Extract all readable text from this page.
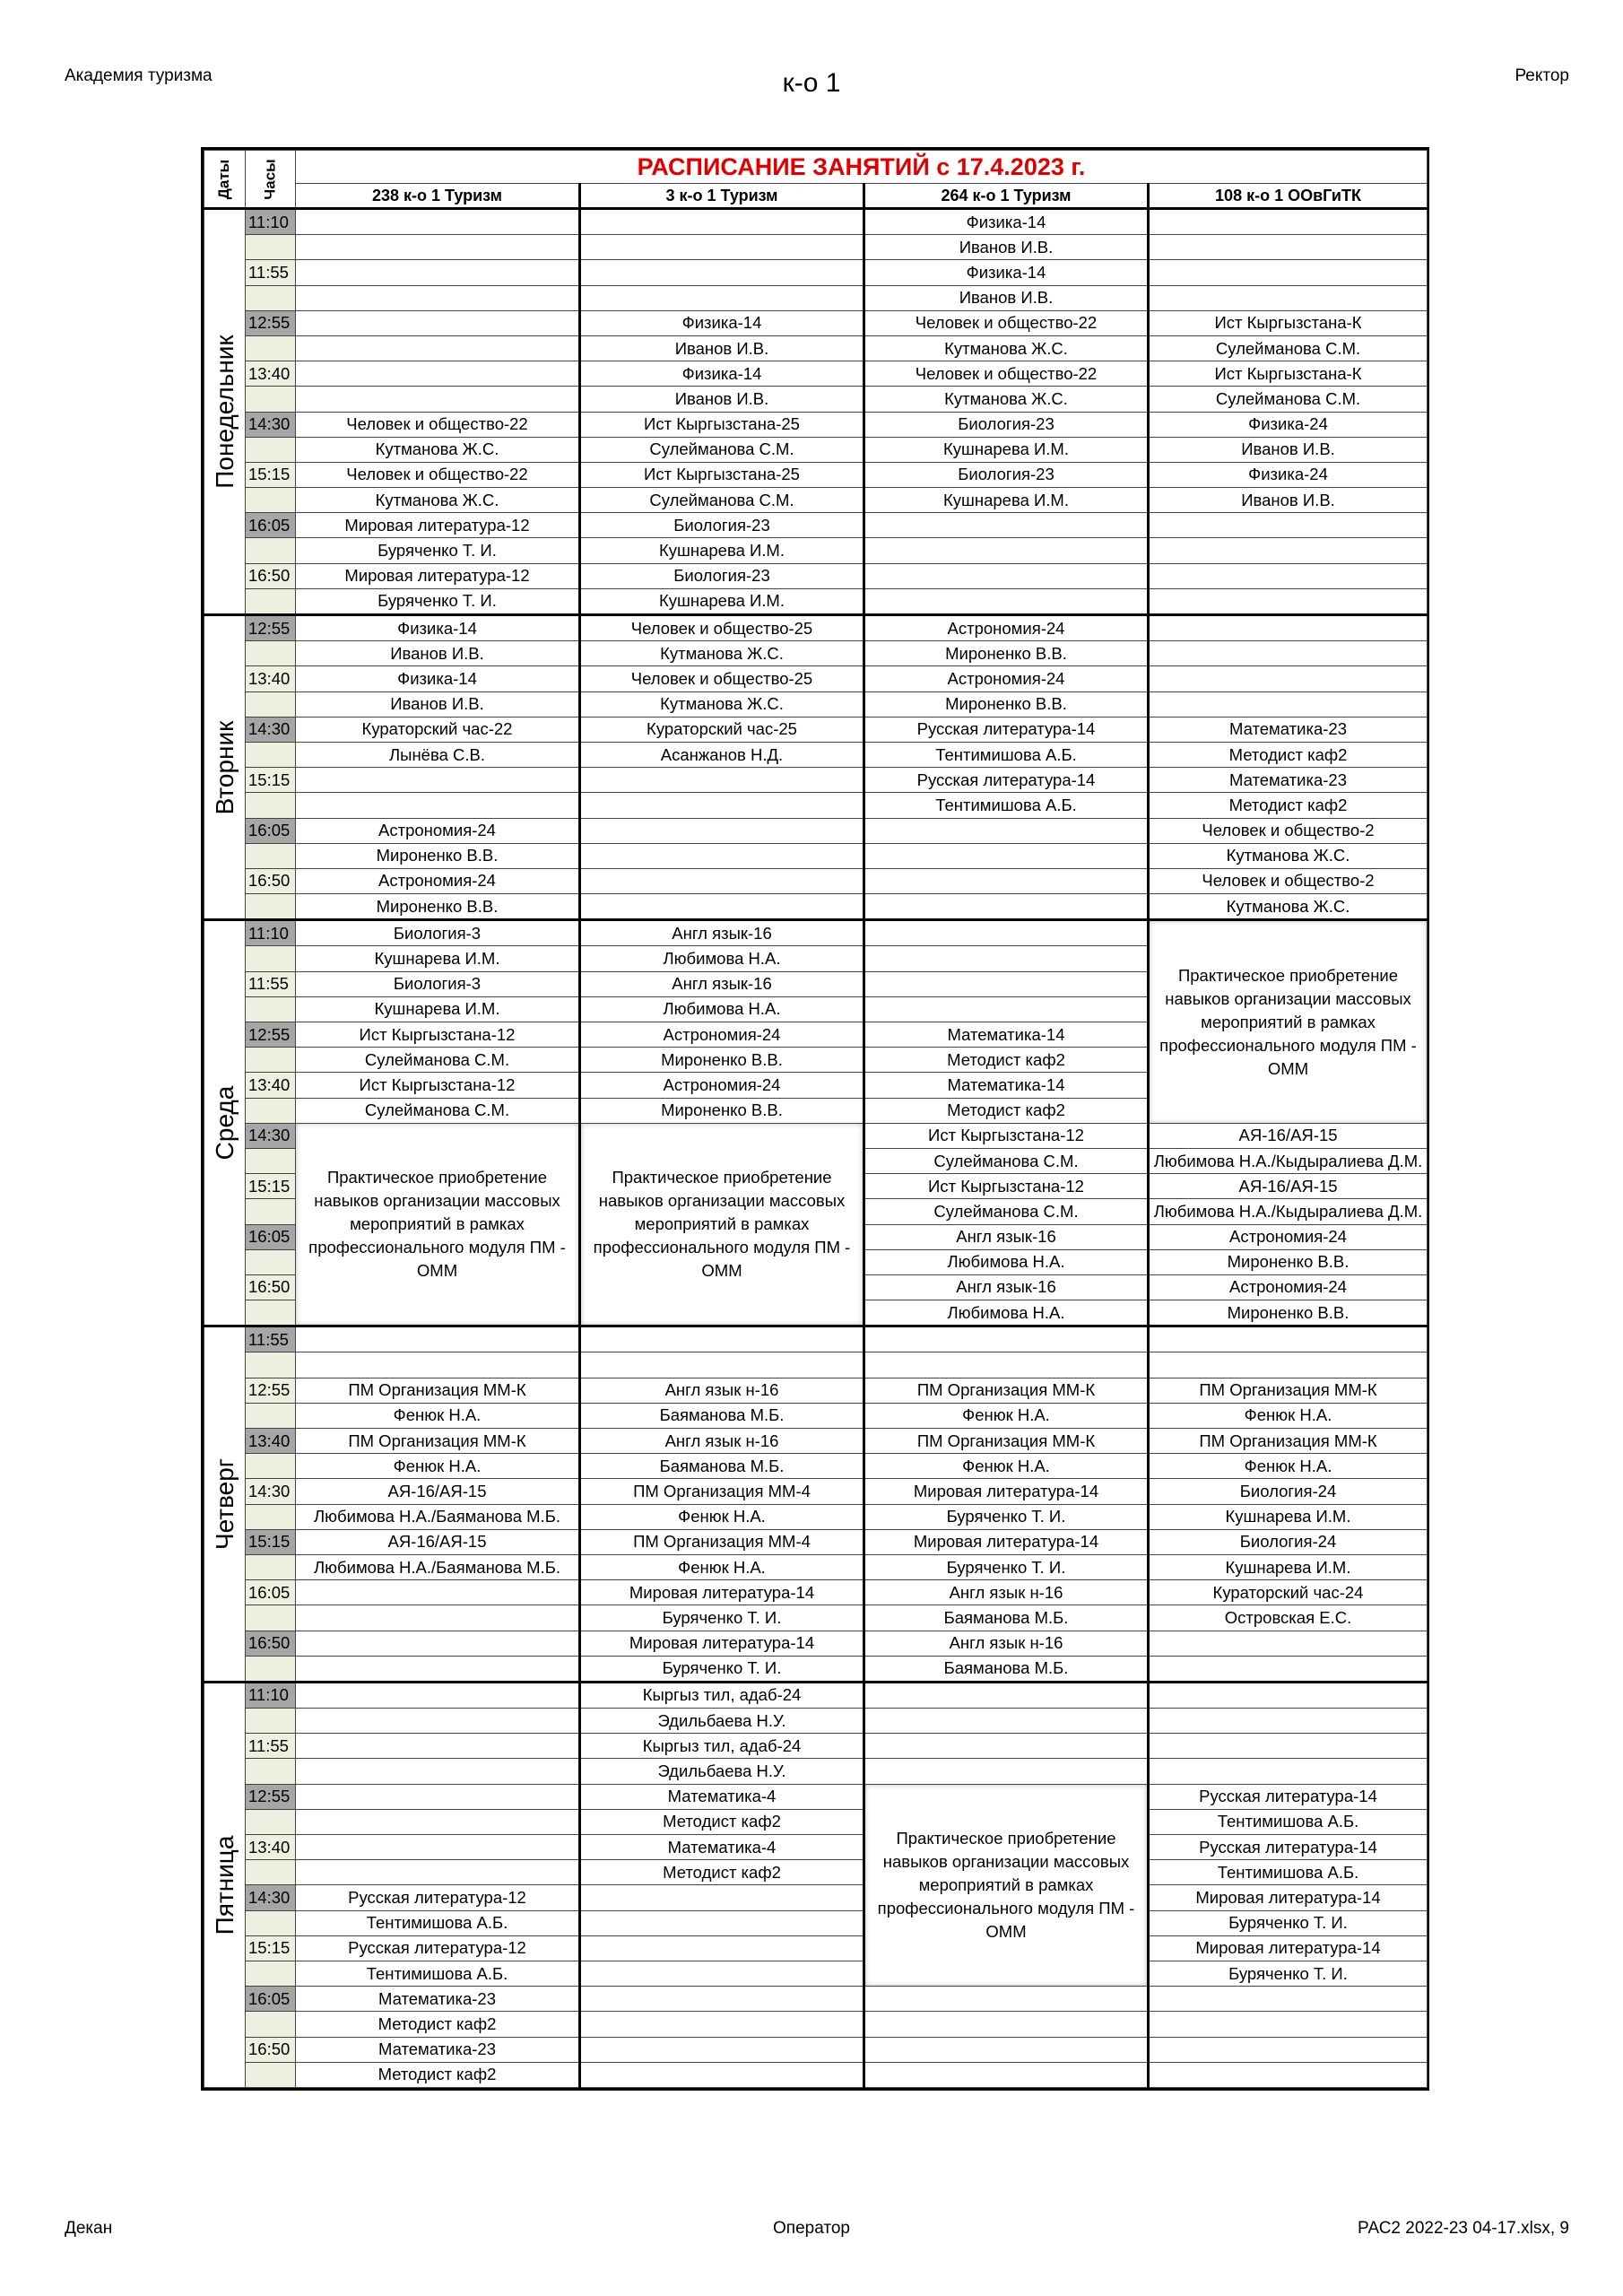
Академия туризма	к-о 1	Ректор
Даты	Часы	РАСПИСАНИЕ ЗАНЯТИЙ с 17.4.2023 г.			
		238 к-о 1 Туризм	3 к-о 1 Туризм	264 к-о 1 Туризм	108 к-о 1 ООвГиТК

Понедельник	11:10			Физика-14	
				Иванов И.В.	
	11:55			Физика-14	
				Иванов И.В.	
	12:55		Физика-14	Человек и общество-22	Ист Кыргызстана-К
			Иванов И.В.	Кутманова Ж.С.	Сулейманова С.М.
	13:40		Физика-14	Человек и общество-22	Ист Кыргызстана-К
			Иванов И.В.	Кутманова Ж.С.	Сулейманова С.М.
	14:30	Человек и общество-22	Ист Кыргызстана-25	Биология-23	Физика-24
		Кутманова Ж.С.	Сулейманова С.М.	Кушнарева И.М.	Иванов И.В.
	15:15	Человек и общество-22	Ист Кыргызстана-25	Биология-23	Физика-24
		Кутманова Ж.С.	Сулейманова С.М.	Кушнарева И.М.	Иванов И.В.
	16:05	Мировая литература-12	Биология-23		
		Буряченко Т. И.	Кушнарева И.М.		
	16:50	Мировая литература-12	Биология-23		
		Буряченко Т. И.	Кушнарева И.М.		

Вторник	12:55	Физика-14	Человек и общество-25	Астрономия-24	
		Иванов И.В.	Кутманова Ж.С.	Мироненко В.В.	
	13:40	Физика-14	Человек и общество-25	Астрономия-24	
		Иванов И.В.	Кутманова Ж.С.	Мироненко В.В.	
	14:30	Кураторский час-22	Кураторский час-25	Русская литература-14	Математика-23
		Лынёва С.В.	Асанжанов Н.Д.	Тентимишова А.Б.	Методист каф2
	15:15			Русская литература-14	Математика-23
				Тентимишова А.Б.	Методист каф2
	16:05	Астрономия-24			Человек и общество-2
		Мироненко В.В.			Кутманова Ж.С.
	16:50	Астрономия-24			Человек и общество-2
		Мироненко В.В.			Кутманова Ж.С.

Среда	11:10	Биология-3	Англ язык-16		Практическое приобретение навыков организации массовых мероприятий в рамках профессионального модуля ПМ - ОММ
		Кушнарева И.М.	Любимова Н.А.		
	11:55	Биология-3	Англ язык-16		
		Кушнарева И.М.	Любимова Н.А.		
	12:55	Ист Кыргызстана-12	Астрономия-24	Математика-14	
		Сулейманова С.М.	Мироненко В.В.	Методист каф2	
	13:40	Ист Кыргызстана-12	Астрономия-24	Математика-14	
		Сулейманова С.М.	Мироненко В.В.	Методист каф2	
	14:30	Практическое приобретение навыков организации массовых мероприятий в рамках профессионального модуля ПМ - ОММ	Практическое приобретение навыков организации массовых мероприятий в рамках профессионального модуля ПМ - ОММ	Ист Кыргызстана-12	АЯ-16/АЯ-15
				Сулейманова С.М.	Любимова Н.А./Кыдыралиева Д.М.
	15:15			Ист Кыргызстана-12	АЯ-16/АЯ-15
				Сулейманова С.М.	Любимова Н.А./Кыдыралиева Д.М.
	16:05			Англ язык-16	Астрономия-24
				Любимова Н.А.	Мироненко В.В.
	16:50			Англ язык-16	Астрономия-24
				Любимова Н.А.	Мироненко В.В.

Четверг	11:55				

	12:55	ПМ Организация ММ-К	Англ язык н-16	ПМ Организация ММ-К	ПМ Организация ММ-К
		Фенюк Н.А.	Баяманова М.Б.	Фенюк Н.А.	Фенюк Н.А.
	13:40	ПМ Организация ММ-К	Англ язык н-16	ПМ Организация ММ-К	ПМ Организация ММ-К
		Фенюк Н.А.	Баяманова М.Б.	Фенюк Н.А.	Фенюк Н.А.
	14:30	АЯ-16/АЯ-15	ПМ Организация ММ-4	Мировая литература-14	Биология-24
		Любимова Н.А./Баяманова М.Б.	Фенюк Н.А.	Буряченко Т. И.	Кушнарева И.М.
	15:15	АЯ-16/АЯ-15	ПМ Организация ММ-4	Мировая литература-14	Биология-24
		Любимова Н.А./Баяманова М.Б.	Фенюк Н.А.	Буряченко Т. И.	Кушнарева И.М.
	16:05		Мировая литература-14	Англ язык н-16	Кураторский час-24
			Буряченко Т. И.	Баяманова М.Б.	Островская Е.С.
	16:50		Мировая литература-14	Англ язык н-16	
			Буряченко Т. И.	Баяманова М.Б.	

Пятница	11:10		Кыргыз тил, адаб-24		
			Эдильбаева Н.У.		
	11:55		Кыргыз тил, адаб-24		
			Эдильбаева Н.У.		
	12:55		Математика-4	Практическое приобретение навыков организации массовых мероприятий в рамках профессионального модуля ПМ - ОММ	Русская литература-14
			Методист каф2		Тентимишова А.Б.
	13:40		Математика-4		Русская литература-14
			Методист каф2		Тентимишова А.Б.
	14:30	Русская литература-12			Мировая литература-14
		Тентимишова А.Б.			Буряченко Т. И.
	15:15	Русская литература-12			Мировая литература-14
		Тентимишова А.Б.			Буряченко Т. И.
	16:05	Математика-23			
		Методист каф2			
	16:50	Математика-23			
		Методист каф2			
Декан	Оператор	РАС2 2022-23 04-17.xlsx, 9
